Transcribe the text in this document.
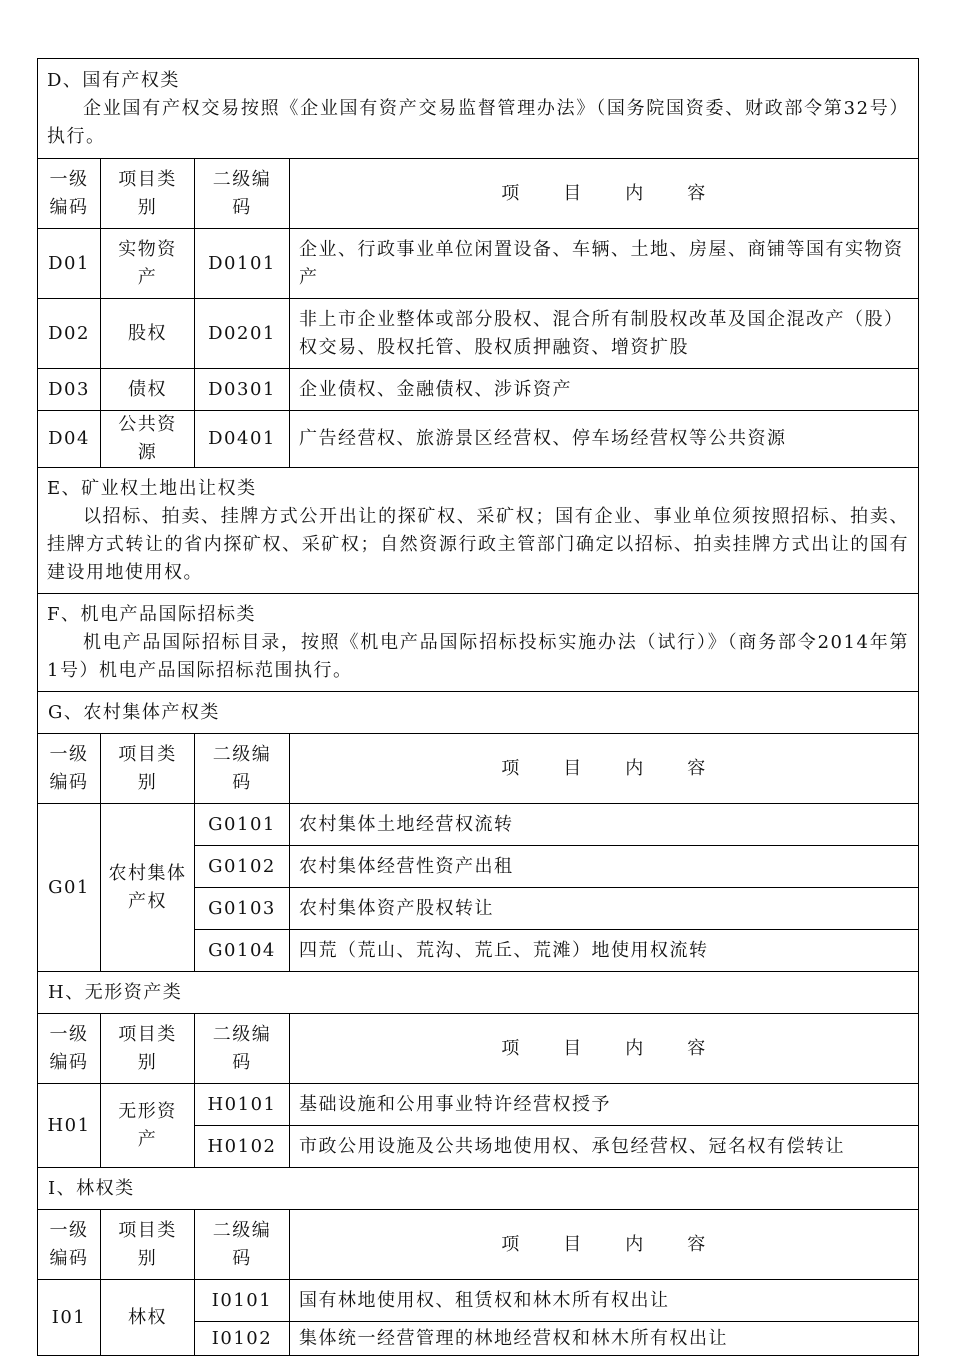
D、国有产权类
企业国有产权交易按照《企业国有资产交易监督管理办法》（国务院国资委、财政部令第32号）执行。			

一级编码	项目类别	二级编码	项 目 内 容
D01	实物资产	D0101	企业、行政事业单位闲置设备、车辆、土地、房屋、商铺等国有实物资产
D02	股权	D0201	非上市企业整体或部分股权、混合所有制股权改革及国企混改产（股）权交易、股权托管、股权质押融资、增资扩股
D03	债权	D0301	企业债权、金融债权、涉诉资产
D04	公共资源	D0401	广告经营权、旅游景区经营权、停车场经营权等公共资源

E、矿业权土地出让权类
以招标、拍卖、挂牌方式公开出让的探矿权、采矿权；国有企业、事业单位须按照招标、拍卖、挂牌方式转让的省内探矿权、采矿权；自然资源行政主管部门确定以招标、拍卖挂牌方式出让的国有建设用地使用权。			

F、机电产品国际招标类
机电产品国际招标目录，按照《机电产品国际招标投标实施办法（试行）》（商务部令2014年第1号）机电产品国际招标范围执行。			

G、农村集体产权类			
一级编码	项目类别	二级编码	项 目 内 容
G01	农村集体产权	G0101	农村集体土地经营权流转
		G0102	农村集体经营性资产出租
		G0103	农村集体资产股权转让
		G0104	四荒（荒山、荒沟、荒丘、荒滩）地使用权流转
H、无形资产类			
一级编码	项目类别	二级编码	项 目 内 容
H01	无形资产	H0101	基础设施和公用事业特许经营权授予
		H0102	市政公用设施及公共场地使用权、承包经营权、冠名权有偿转让
I、林权类			
一级编码	项目类别	二级编码	项 目 内 容
I01	林权	I0101	国有林地使用权、租赁权和林木所有权出让
		I0102	集体统一经营管理的林地经营权和林木所有权出让
